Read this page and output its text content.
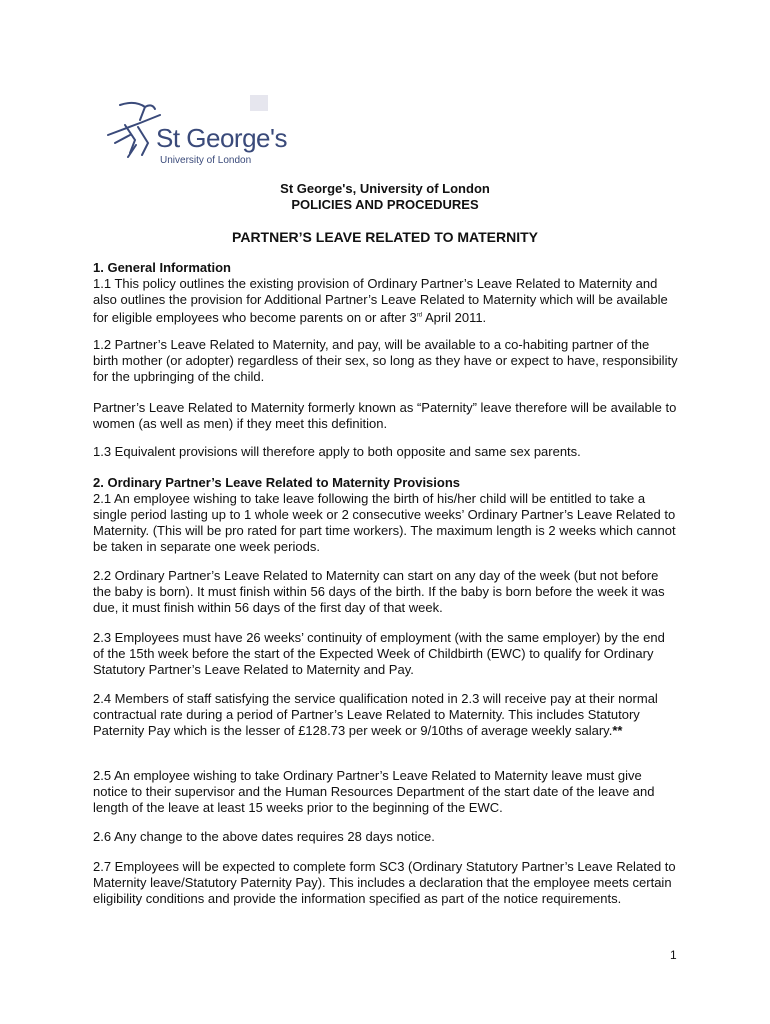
St George's
University of London
St George's, University of London
POLICIES AND PROCEDURES
PARTNER’S LEAVE RELATED TO MATERNITY
1. General Information
1.1 This policy outlines the existing provision of Ordinary Partner’s Leave Related to Maternity and also outlines the provision for Additional Partner’s Leave Related to Maternity which will be available for eligible employees who become parents on or after 3rd April 2011.

1.2 Partner’s Leave Related to Maternity, and pay, will be available to a co-habiting partner of the birth mother (or adopter) regardless of their sex, so long as they have or expect to have, responsibility for the upbringing of the child.

Partner’s Leave Related to Maternity formerly known as “Paternity” leave therefore will be available to women (as well as men) if they meet this definition.

1.3 Equivalent provisions will therefore apply to both opposite and same sex parents.

2. Ordinary Partner’s Leave Related to Maternity Provisions
2.1 An employee wishing to take leave following the birth of his/her child will be entitled to take a single period lasting up to 1 whole week or 2 consecutive weeks’ Ordinary Partner’s Leave Related to Maternity. (This will be pro rated for part time workers). The maximum length is 2 weeks which cannot be taken in separate one week periods.

2.2 Ordinary Partner’s Leave Related to Maternity can start on any day of the week (but not before the baby is born). It must finish within 56 days of the birth. If the baby is born before the week it was due, it must finish within 56 days of the first day of that week.

2.3 Employees must have 26 weeks’ continuity of employment (with the same employer) by the end of the 15th week before the start of the Expected Week of Childbirth (EWC) to qualify for Ordinary Statutory Partner’s Leave Related to Maternity and Pay.

2.4 Members of staff satisfying the service qualification noted in 2.3 will receive pay at their normal contractual rate during a period of Partner’s Leave Related to Maternity. This includes Statutory Paternity Pay which is the lesser of £128.73 per week or 9/10ths of average weekly salary.**

2.5 An employee wishing to take Ordinary Partner’s Leave Related to Maternity leave must give notice to their supervisor and the Human Resources Department of the start date of the leave and length of the leave at least 15 weeks prior to the beginning of the EWC.

2.6 Any change to the above dates requires 28 days notice.

2.7 Employees will be expected to complete form SC3 (Ordinary Statutory Partner’s Leave Related to Maternity leave/Statutory Paternity Pay). This includes a declaration that the employee meets certain eligibility conditions and provide the information specified as part of the notice requirements.

1
